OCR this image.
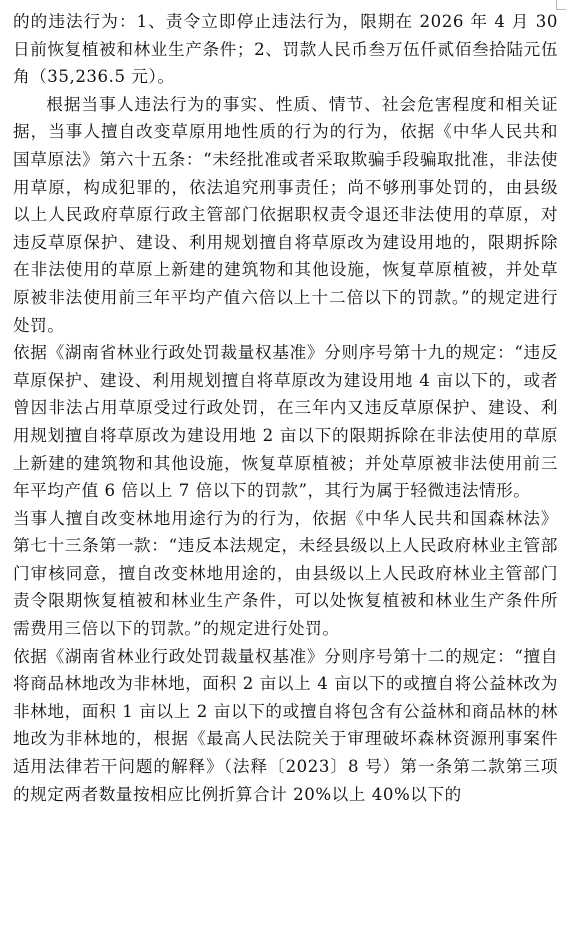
的的违法行为：1、责令立即停止违法行为，限期在 2026 年 4 月 30 日前恢复植被和林业生产条件；2、罚款人民币叁万伍仟贰佰叁拾陆元伍角（35,236.5 元）。

根据当事人违法行为的事实、性质、情节、社会危害程度和相关证据，当事人擅自改变草原用地性质的行为的行为，依据《中华人民共和国草原法》第六十五条：“未经批准或者采取欺骗手段骗取批准，非法使用草原，构成犯罪的，依法追究刑事责任；尚不够刑事处罚的，由县级以上人民政府草原行政主管部门依据职权责令退还非法使用的草原，对违反草原保护、建设、利用规划擅自将草原改为建设用地的，限期拆除在非法使用的草原上新建的建筑物和其他设施，恢复草原植被，并处草原被非法使用前三年平均产值六倍以上十二倍以下的罚款。”的规定进行处罚。

依据《湖南省林业行政处罚裁量权基准》分则序号第十九的规定：“违反草原保护、建设、利用规划擅自将草原改为建设用地 4 亩以下的，或者曾因非法占用草原受过行政处罚，在三年内又违反草原保护、建设、利用规划擅自将草原改为建设用地 2 亩以下的限期拆除在非法使用的草原上新建的建筑物和其他设施，恢复草原植被；并处草原被非法使用前三年平均产值 6 倍以上 7 倍以下的罚款”，其行为属于轻微违法情形。

当事人擅自改变林地用途行为的行为，依据《中华人民共和国森林法》第七十三条第一款：“违反本法规定，未经县级以上人民政府林业主管部门审核同意，擅自改变林地用途的，由县级以上人民政府林业主管部门责令限期恢复植被和林业生产条件，可以处恢复植被和林业生产条件所需费用三倍以下的罚款。”的规定进行处罚。

依据《湖南省林业行政处罚裁量权基准》分则序号第十二的规定：“擅自将商品林地改为非林地，面积 2 亩以上 4 亩以下的或擅自将公益林改为非林地，面积 1 亩以上 2 亩以下的或擅自将包含有公益林和商品林的林地改为非林地的，根据《最高人民法院关于审理破坏森林资源刑事案件适用法律若干问题的解释》（法释〔2023〕8 号）第一条第二款第三项的规定两者数量按相应比例折算合计 20%以上 40%以下的
